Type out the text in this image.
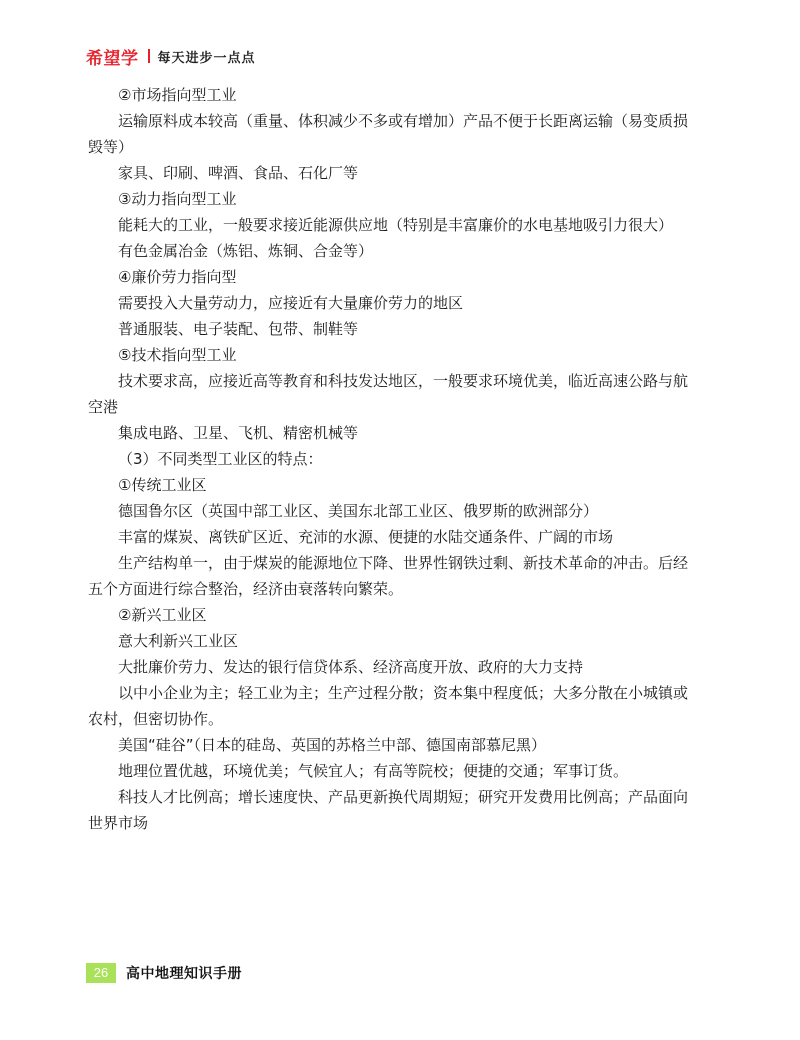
希望学 每天进步一点点
②市场指向型工业
运输原料成本较高（重量、体积减少不多或有增加）产品不便于长距离运输（易变质损
毁等）
家具、印刷、啤酒、食品、石化厂等
③动力指向型工业
能耗大的工业，一般要求接近能源供应地（特别是丰富廉价的水电基地吸引力很大）
有色金属冶金（炼铝、炼铜、合金等）
④廉价劳力指向型
需要投入大量劳动力，应接近有大量廉价劳力的地区
普通服装、电子装配、包带、制鞋等
⑤技术指向型工业
技术要求高，应接近高等教育和科技发达地区，一般要求环境优美，临近高速公路与航
空港
集成电路、卫星、飞机、精密机械等
（3）不同类型工业区的特点：
①传统工业区
德国鲁尔区（英国中部工业区、美国东北部工业区、俄罗斯的欧洲部分）
丰富的煤炭、离铁矿区近、充沛的水源、便捷的水陆交通条件、广阔的市场
生产结构单一，由于煤炭的能源地位下降、世界性钢铁过剩、新技术革命的冲击。后经
五个方面进行综合整治，经济由衰落转向繁荣。
②新兴工业区
意大利新兴工业区
大批廉价劳力、发达的银行信贷体系、经济高度开放、政府的大力支持
以中小企业为主；轻工业为主；生产过程分散；资本集中程度低；大多分散在小城镇或
农村，但密切协作。
美国“硅谷”（日本的硅岛、英国的苏格兰中部、德国南部慕尼黑）
地理位置优越，环境优美；气候宜人；有高等院校；便捷的交通；军事订货。
科技人才比例高；增长速度快、产品更新换代周期短；研究开发费用比例高；产品面向
世界市场
26	高中地理知识手册
